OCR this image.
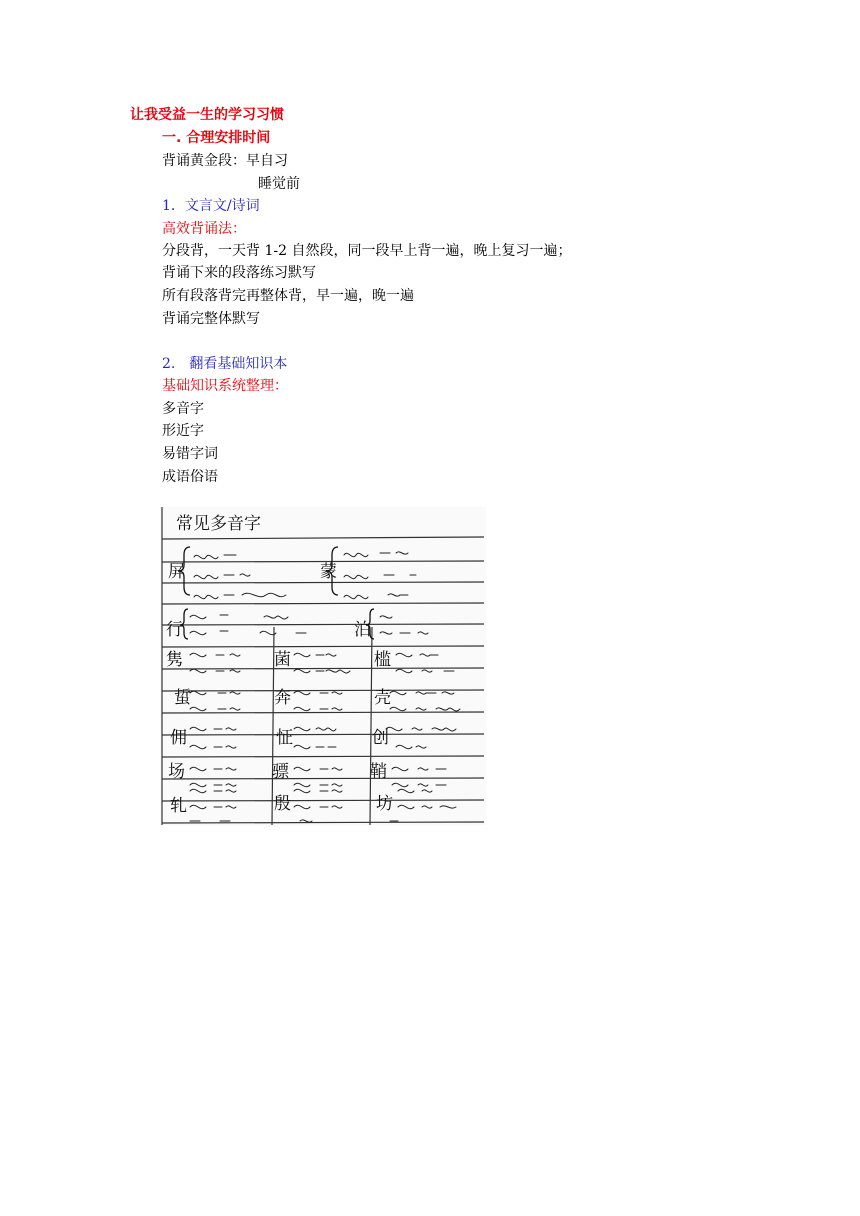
让我受益一生的学习习惯
一. 合理安排时间
背诵黄金段：早自习
睡觉前
1．文言文/诗词
高效背诵法：
分段背，一天背 1-2 自然段，同一段早上背一遍，晚上复习一遍；
背诵下来的段落练习默写
所有段落背完再整体背，早一遍，晚一遍
背诵完整体默写
2.　翻看基础知识本
基础知识系统整理：
多音字
形近字
易错字词
成语俗语
常见多音字
屏	蒙
行	泊
隽	菌	槛
蜇	奔	壳
佣	怔	创
场	骠	鞘
轧	殷	坊
